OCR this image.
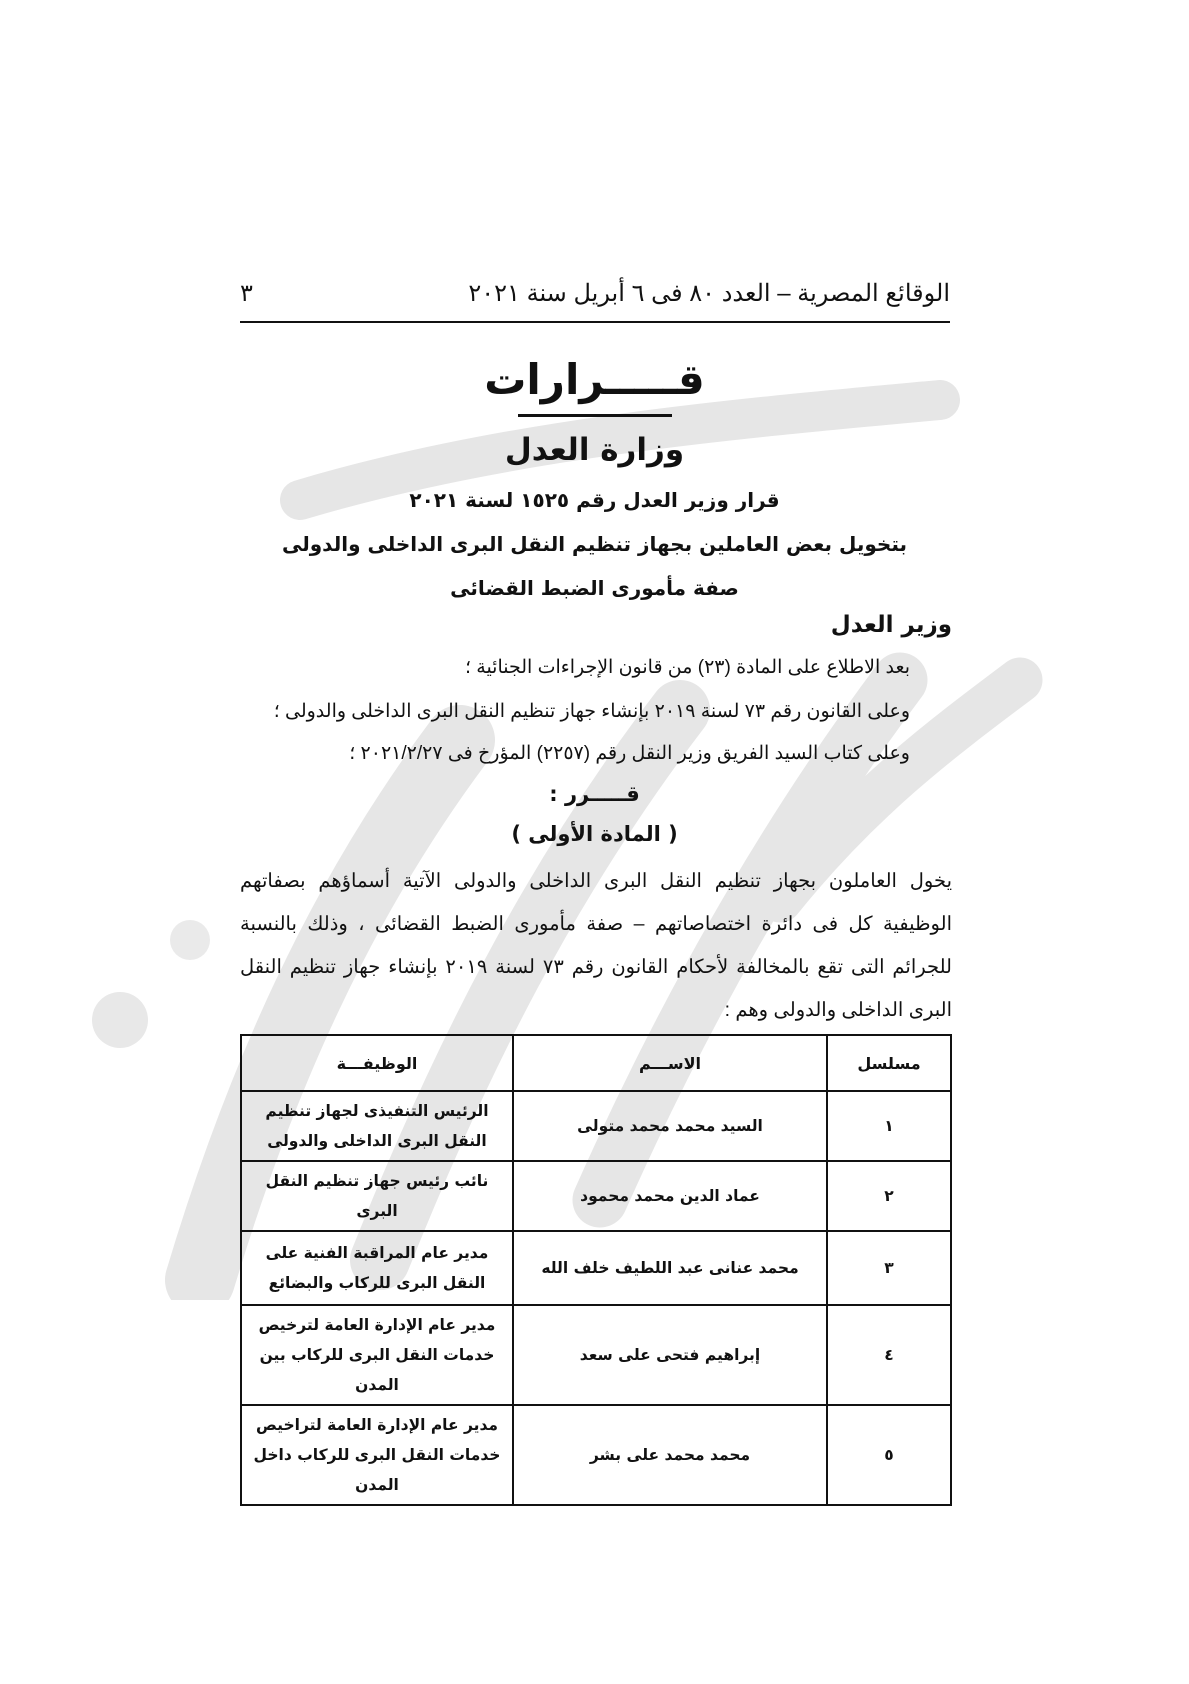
الوقائع المصرية – العدد ٨٠ فى ٦ أبريل سنة ٢٠٢١
٣
قـــــرارات
وزارة العدل
قرار وزير العدل رقم ١٥٢٥ لسنة ٢٠٢١
بتخويل بعض العاملين بجهاز تنظيم النقل البرى الداخلى والدولى
صفة مأمورى الضبط القضائى
وزير العدل
بعد الاطلاع على المادة (٢٣) من قانون الإجراءات الجنائية ؛
وعلى القانون رقم ٧٣ لسنة ٢٠١٩ بإنشاء جهاز تنظيم النقل البرى الداخلى والدولى ؛
وعلى كتاب السيد الفريق وزير النقل رقم (٢٢٥٧) المؤرخ فى ٢٠٢١/٢/٢٧ ؛
قـــــرر :
( المادة الأولى )
يخول العاملون بجهاز تنظيم النقل البرى الداخلى والدولى الآتية أسماؤهم بصفاتهم الوظيفية كل فى دائرة اختصاصاتهم – صفة مأمورى الضبط القضائى ، وذلك بالنسبة للجرائم التى تقع بالمخالفة لأحكام القانون رقم ٧٣ لسنة ٢٠١٩ بإنشاء جهاز تنظيم النقل البرى الداخلى والدولى وهم :
مسلسل	الاســـم	الوظيفـــة
١	السيد محمد محمد متولى	الرئيس التنفيذى لجهاز تنظيم النقل البرى الداخلى والدولى
٢	عماد الدين محمد محمود	نائب رئيس جهاز تنظيم النقل البرى
٣	محمد عنانى عبد اللطيف خلف الله	مدير عام المراقبة الفنية على النقل البرى للركاب والبضائع
٤	إبراهيم فتحى على سعد	مدير عام الإدارة العامة لترخيص خدمات النقل البرى للركاب بين المدن
٥	محمد محمد على بشر	مدير عام الإدارة العامة لتراخيص خدمات النقل البرى للركاب داخل المدن
